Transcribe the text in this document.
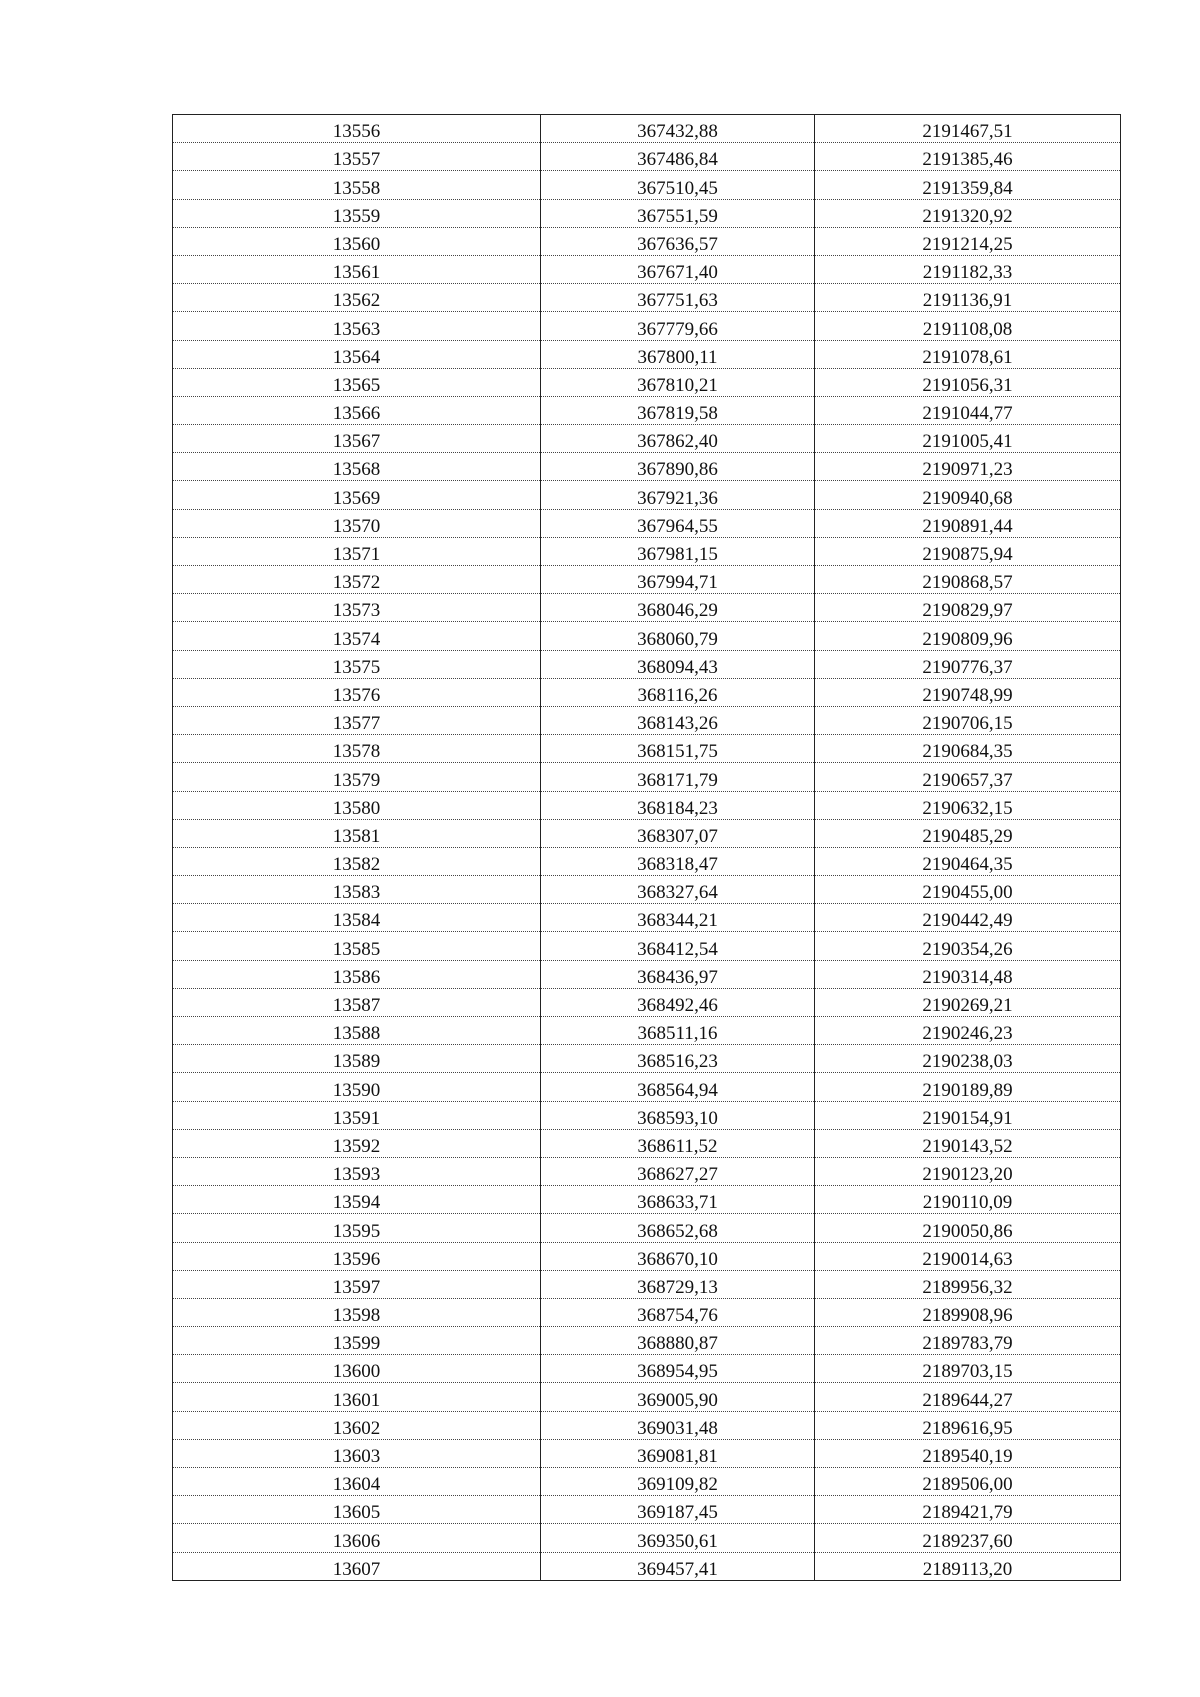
13556	367432,88	2191467,51
13557	367486,84	2191385,46
13558	367510,45	2191359,84
13559	367551,59	2191320,92
13560	367636,57	2191214,25
13561	367671,40	2191182,33
13562	367751,63	2191136,91
13563	367779,66	2191108,08
13564	367800,11	2191078,61
13565	367810,21	2191056,31
13566	367819,58	2191044,77
13567	367862,40	2191005,41
13568	367890,86	2190971,23
13569	367921,36	2190940,68
13570	367964,55	2190891,44
13571	367981,15	2190875,94
13572	367994,71	2190868,57
13573	368046,29	2190829,97
13574	368060,79	2190809,96
13575	368094,43	2190776,37
13576	368116,26	2190748,99
13577	368143,26	2190706,15
13578	368151,75	2190684,35
13579	368171,79	2190657,37
13580	368184,23	2190632,15
13581	368307,07	2190485,29
13582	368318,47	2190464,35
13583	368327,64	2190455,00
13584	368344,21	2190442,49
13585	368412,54	2190354,26
13586	368436,97	2190314,48
13587	368492,46	2190269,21
13588	368511,16	2190246,23
13589	368516,23	2190238,03
13590	368564,94	2190189,89
13591	368593,10	2190154,91
13592	368611,52	2190143,52
13593	368627,27	2190123,20
13594	368633,71	2190110,09
13595	368652,68	2190050,86
13596	368670,10	2190014,63
13597	368729,13	2189956,32
13598	368754,76	2189908,96
13599	368880,87	2189783,79
13600	368954,95	2189703,15
13601	369005,90	2189644,27
13602	369031,48	2189616,95
13603	369081,81	2189540,19
13604	369109,82	2189506,00
13605	369187,45	2189421,79
13606	369350,61	2189237,60
13607	369457,41	2189113,20
